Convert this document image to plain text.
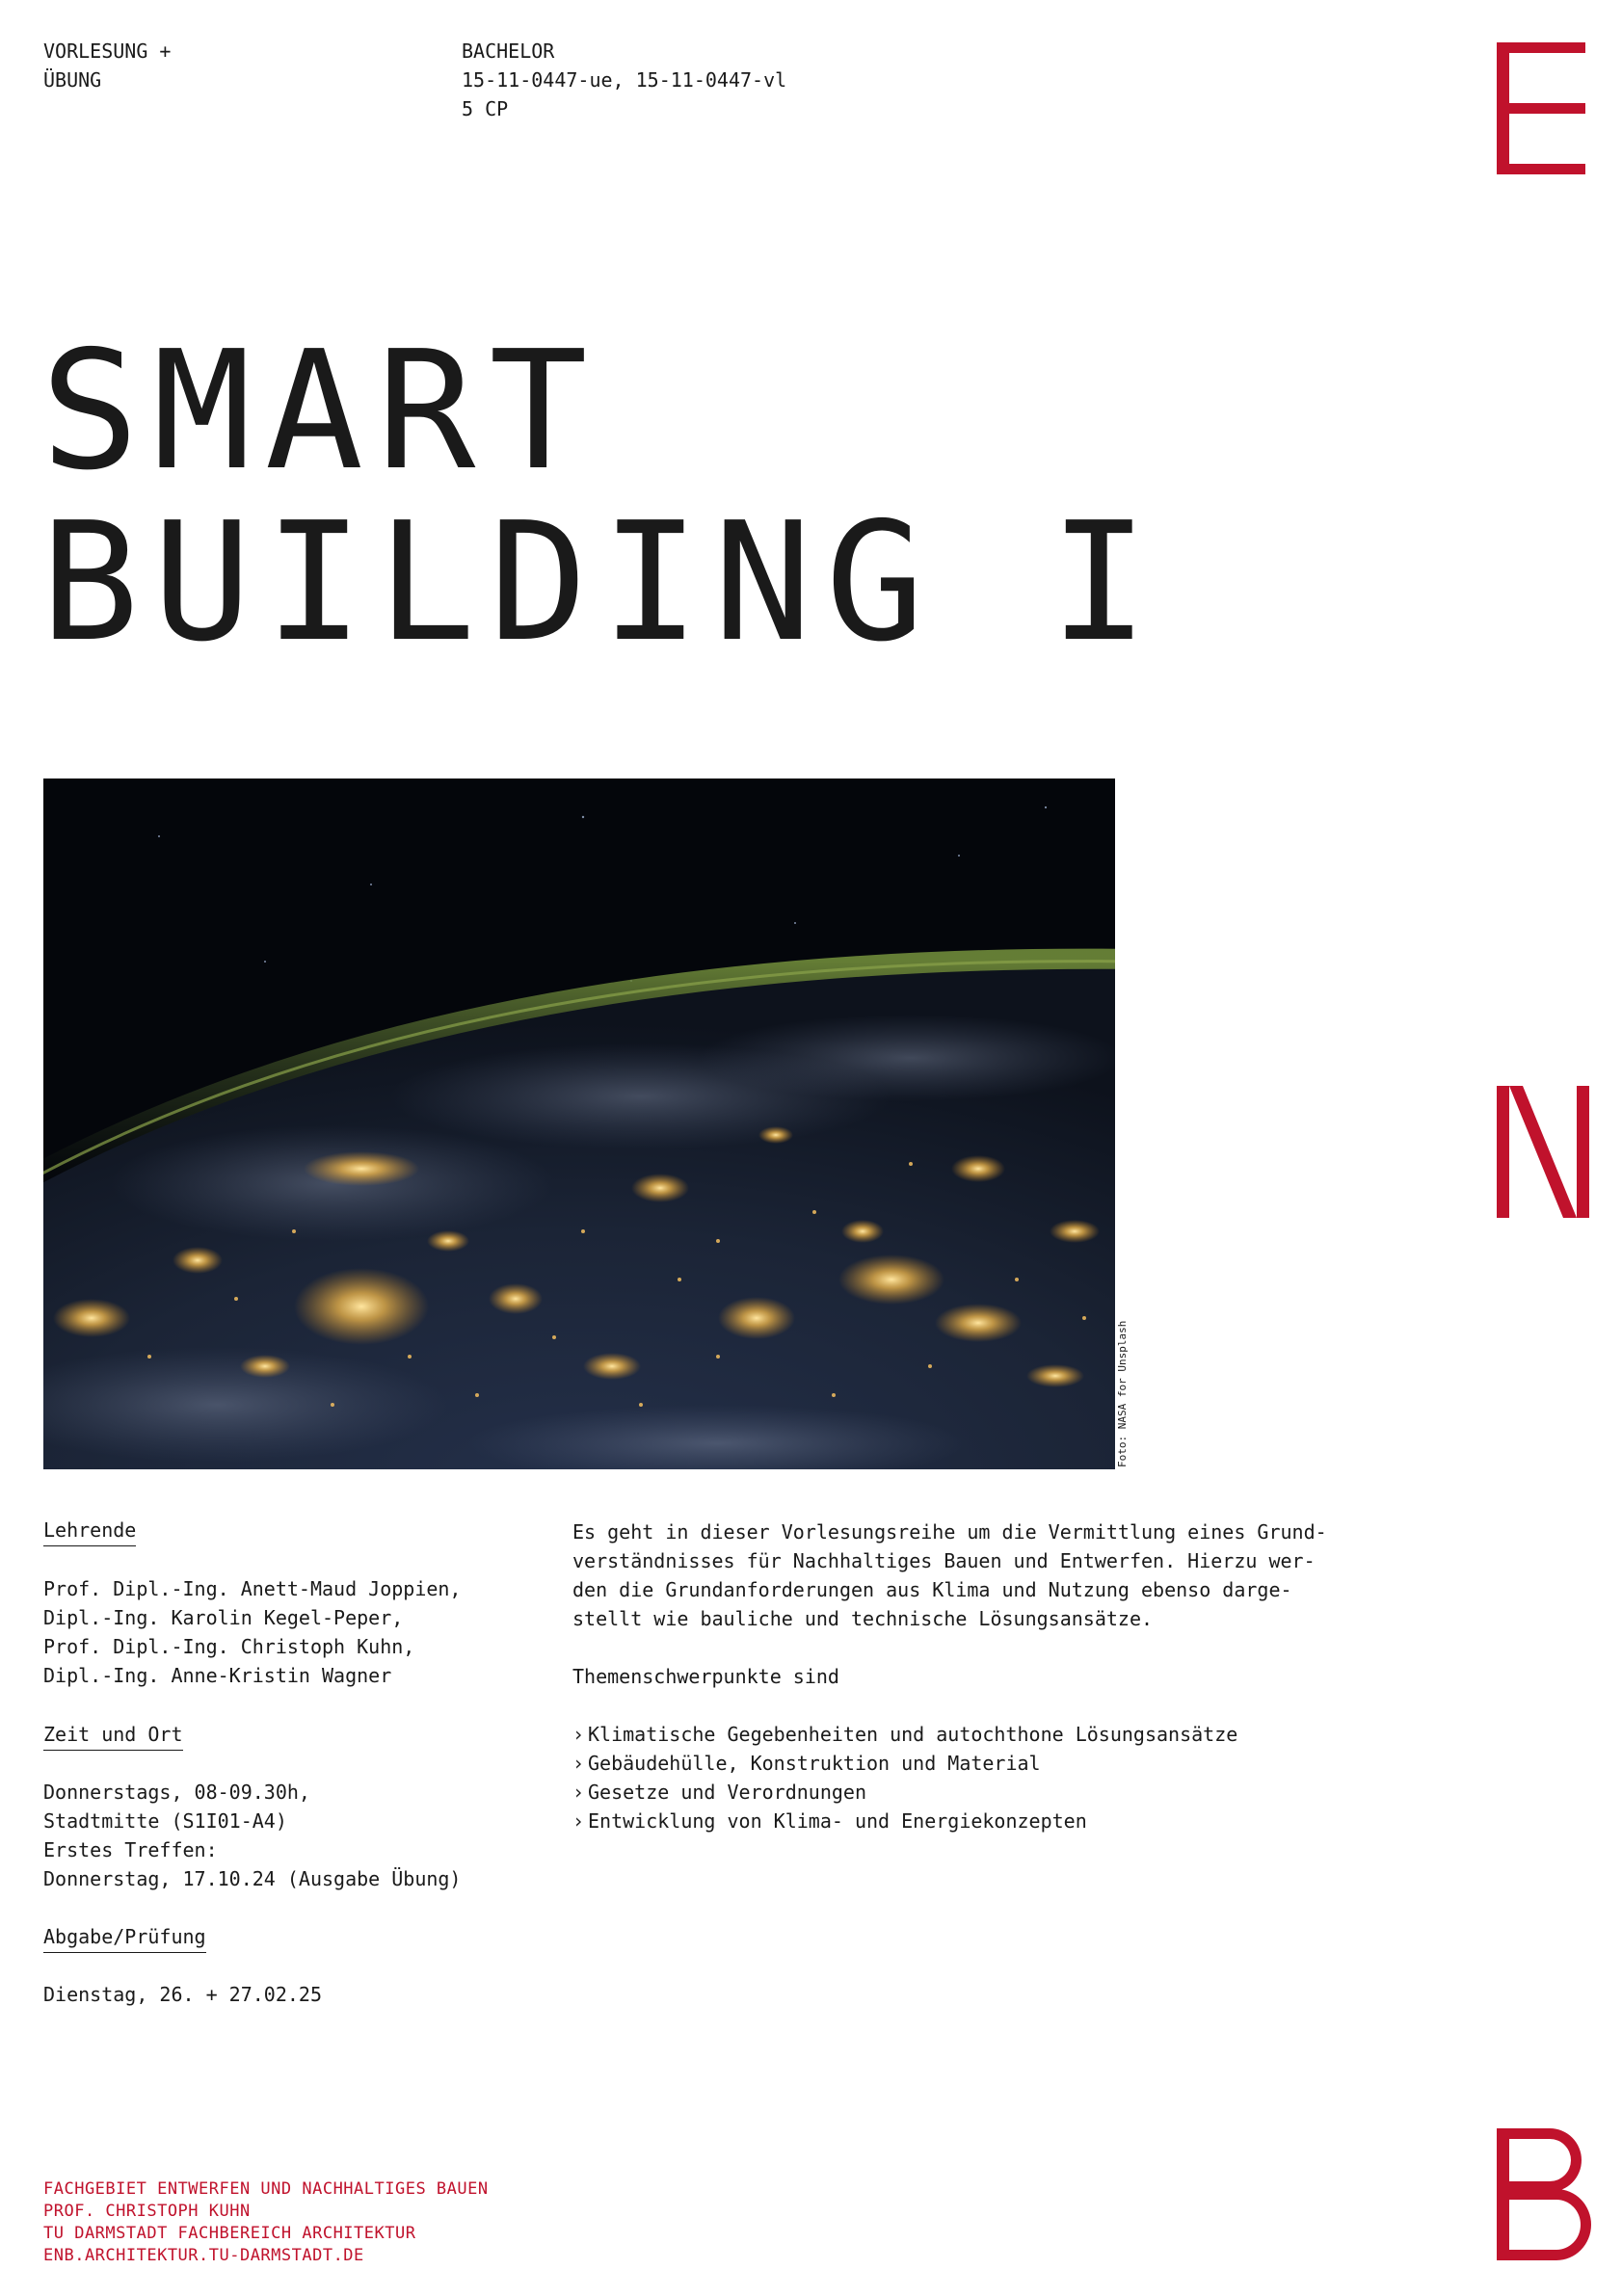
VORLESUNG +
ÜBUNG
BACHELOR
15-11-0447-ue, 15-11-0447-vl
5 CP
SMART
BUILDING I
Foto: NASA for Unsplash
Lehrende
Prof. Dipl.-Ing. Anett-Maud Joppien,
Dipl.-Ing. Karolin Kegel-Peper,
Prof. Dipl.-Ing. Christoph Kuhn,
Dipl.-Ing. Anne-Kristin Wagner
Zeit und Ort
Donnerstags, 08-09.30h,
Stadtmitte (S1I01-A4)
Erstes Treffen:
Donnerstag, 17.10.24 (Ausgabe Übung)
Abgabe/Prüfung
Dienstag, 26. + 27.02.25
Es geht in dieser Vorlesungsreihe um die Vermittlung eines Grund-
verständnisses für Nachhaltiges Bauen und Entwerfen. Hierzu wer-
den die Grundanforderungen aus Klima und Nutzung ebenso darge-
stellt wie bauliche und technische Lösungsansätze.
Themenschwerpunkte sind
› Klimatische Gegebenheiten und autochthone Lösungsansätze
› Gebäudehülle, Konstruktion und Material
› Gesetze und Verordnungen
› Entwicklung von Klima- und Energiekonzepten
FACHGEBIET ENTWERFEN UND NACHHALTIGES BAUEN
PROF. CHRISTOPH KUHN
TU DARMSTADT FACHBEREICH ARCHITEKTUR
ENB.ARCHITEKTUR.TU-DARMSTADT.DE
